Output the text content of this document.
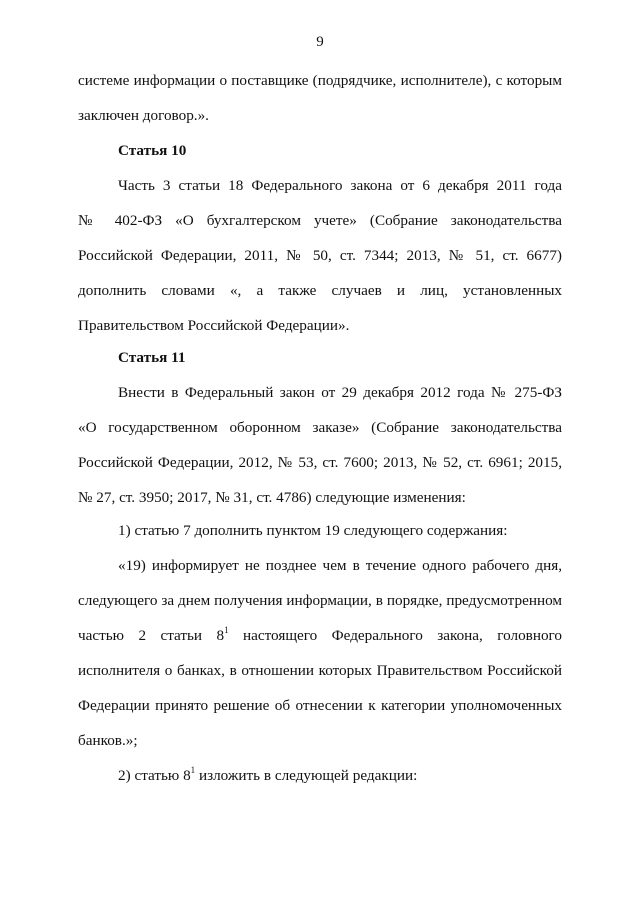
9
системе информации о поставщике (подрядчике, исполнителе), с которым
заключен договор.».
Статья 10
Часть 3 статьи 18 Федерального закона от 6 декабря 2011 года
№ 402-ФЗ «О бухгалтерском учете» (Собрание законодательства
Российской Федерации, 2011, № 50, ст. 7344; 2013, № 51, ст. 6677)
дополнить словами «, а также случаев и лиц, установленных
Правительством Российской Федерации».
Статья 11
Внести в Федеральный закон от 29 декабря 2012 года № 275-ФЗ
«О государственном оборонном заказе» (Собрание законодательства
Российской Федерации, 2012, № 53, ст. 7600; 2013, № 52, ст. 6961; 2015,
№ 27, ст. 3950; 2017, № 31, ст. 4786) следующие изменения:
1) статью 7 дополнить пунктом 19 следующего содержания:
«19) информирует не позднее чем в течение одного рабочего дня,
следующего за днем получения информации, в порядке, предусмотренном
частью 2 статьи $8^1$ настоящего Федерального закона, головного
исполнителя о банках, в отношении которых Правительством Российской
Федерации принято решение об отнесении к категории уполномоченных
банков.»;
2) статью $8^1$ изложить в следующей редакции:
